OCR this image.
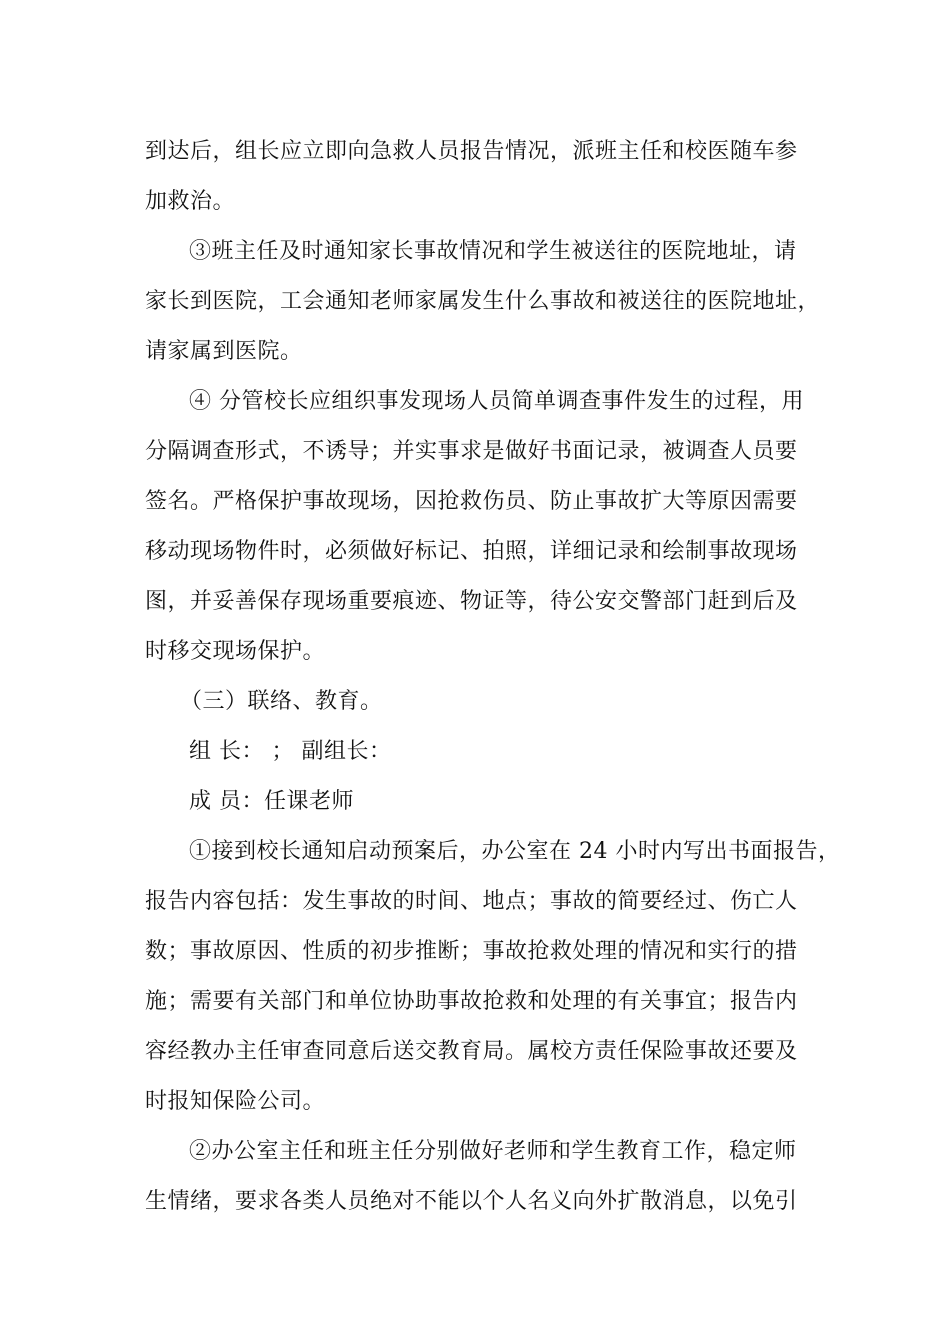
到达后，组长应立即向急救人员报告情况，派班主任和校医随车参
加救治。
③班主任及时通知家长事故情况和学生被送往的医院地址，请
家长到医院，工会通知老师家属发生什么事故和被送往的医院地址，
请家属到医院。
④ 分管校长应组织事发现场人员简单调查事件发生的过程，用
分隔调查形式，不诱导；并实事求是做好书面记录，被调查人员要
签名。严格保护事故现场，因抢救伤员、防止事故扩大等原因需要
移动现场物件时，必须做好标记、拍照，详细记录和绘制事故现场
图，并妥善保存现场重要痕迹、物证等，待公安交警部门赶到后及
时移交现场保护。
（三）联络、教育。
组 长： ； 副组长：
成 员：任课老师
①接到校长通知启动预案后，办公室在 24 小时内写出书面报告，
报告内容包括：发生事故的时间、地点；事故的简要经过、伤亡人
数；事故原因、性质的初步推断；事故抢救处理的情况和实行的措
施；需要有关部门和单位协助事故抢救和处理的有关事宜；报告内
容经教办主任审查同意后送交教育局。属校方责任保险事故还要及
时报知保险公司。
②办公室主任和班主任分别做好老师和学生教育工作，稳定师
生情绪，要求各类人员绝对不能以个人名义向外扩散消息，以免引
